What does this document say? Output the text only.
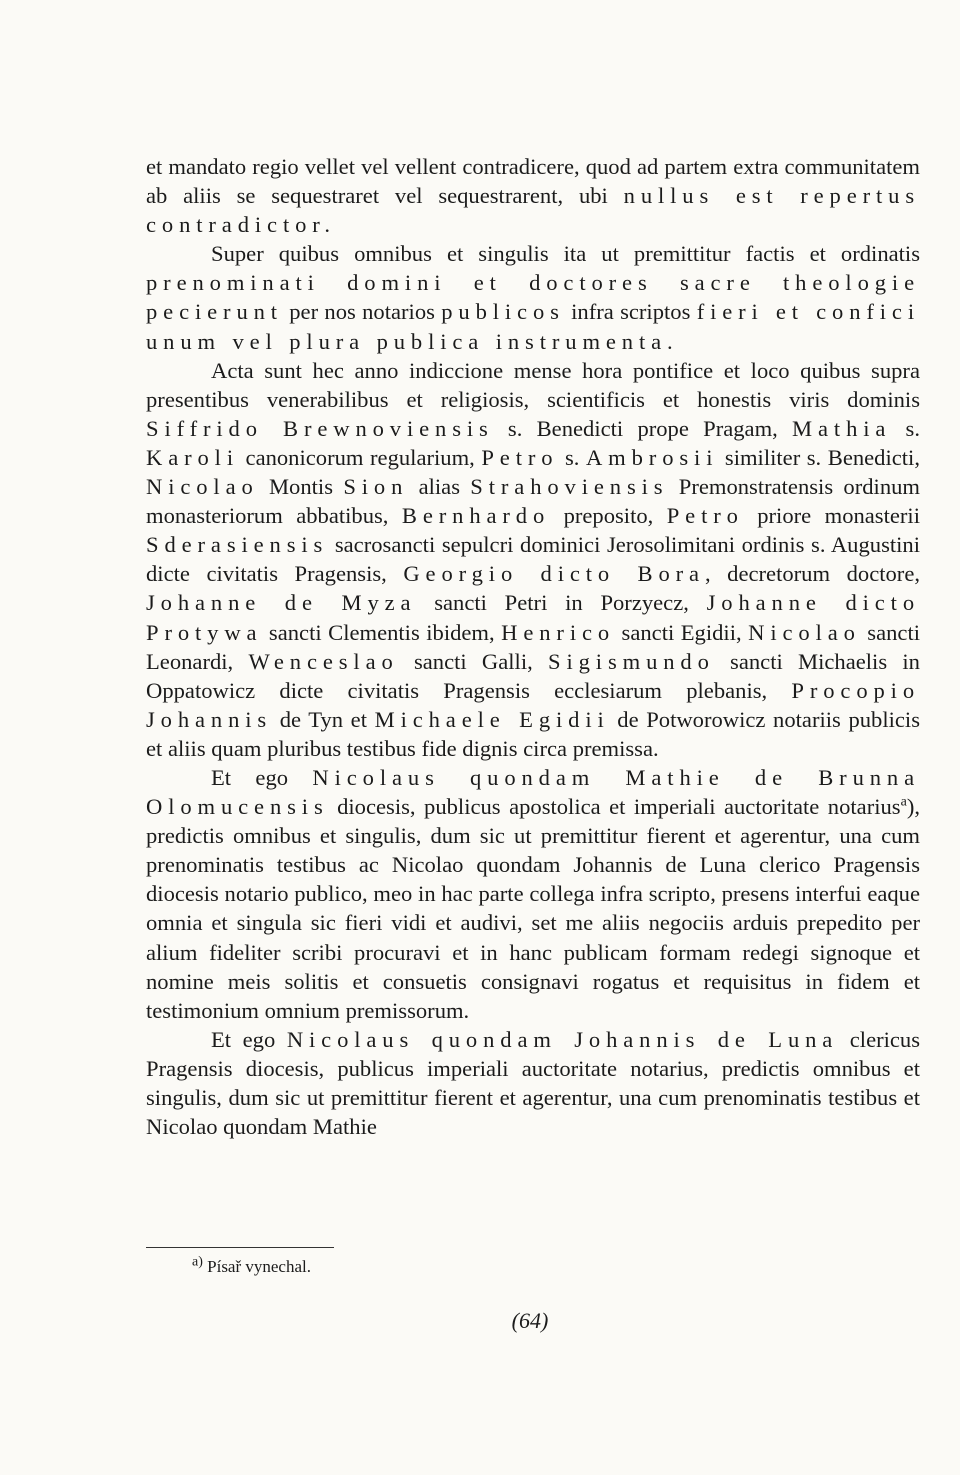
et mandato regio vellet vel vellent contradicere, quod ad partem extra communitatem ab aliis se sequestraret vel sequestrarent, ubi nullus est repertus contradictor.

Super quibus omnibus et singulis ita ut premittitur factis et ordinatis prenominati domini et doctores sacre theologie pecierunt per nos notarios publicos infra scriptos fieri et confici unum vel plura publica instrumenta.

Acta sunt hec anno indiccione mense hora pontifice et loco quibus supra presentibus venerabilibus et religiosis, scientificis et honestis viris dominis Siffrido Brewnoviensis s. Benedicti prope Pragam, Mathia s. Karoli canonicorum regularium, Petro s. Ambrosii similiter s. Benedicti, Nicolao Montis Sion alias Strahoviensis Premonstratensis ordinum monasteriorum abbatibus, Bernhardo preposito, Petro priore monasterii Sderasiensis sacrosancti sepulcri dominici Jerosolimitani ordinis s. Augustini dicte civitatis Pragensis, Georgio dicto Bora, decretorum doctore, Johanne de Myza sancti Petri in Porzyecz, Johanne dicto Protywa sancti Clementis ibidem, Henrico sancti Egidii, Nicolao sancti Leonardi, Wenceslao sancti Galli, Sigismundo sancti Michaelis in Oppatowicz dicte civitatis Pragensis ecclesiarum plebanis, Procopio Johannis de Tyn et Michaele Egidii de Potworowicz notariis publicis et aliis quam pluribus testibus fide dignis circa premissa.

Et ego Nicolaus quondam Mathie de Brunna Olomucensis diocesis, publicus apostolica et imperiali auctoritate notarius$^a$), predictis omnibus et singulis, dum sic ut premittitur fierent et agerentur, una cum prenominatis testibus ac Nicolao quondam Johannis de Luna clerico Pragensis diocesis notario publico, meo in hac parte collega infra scripto, presens interfui eaque omnia et singula sic fieri vidi et audivi, set me aliis negociis arduis prepedito per alium fideliter scribi procuravi et in hanc publicam formam redegi signoque et nomine meis solitis et consuetis consignavi rogatus et requisitus in fidem et testimonium omnium premissorum.

Et ego Nicolaus quondam Johannis de Luna clericus Pragensis diocesis, publicus imperiali auctoritate notarius, predictis omnibus et singulis, dum sic ut premittitur fierent et agerentur, una cum prenominatis testibus et Nicolao quondam Mathie

$^{a)}$ Písař vynechal.
(64)
